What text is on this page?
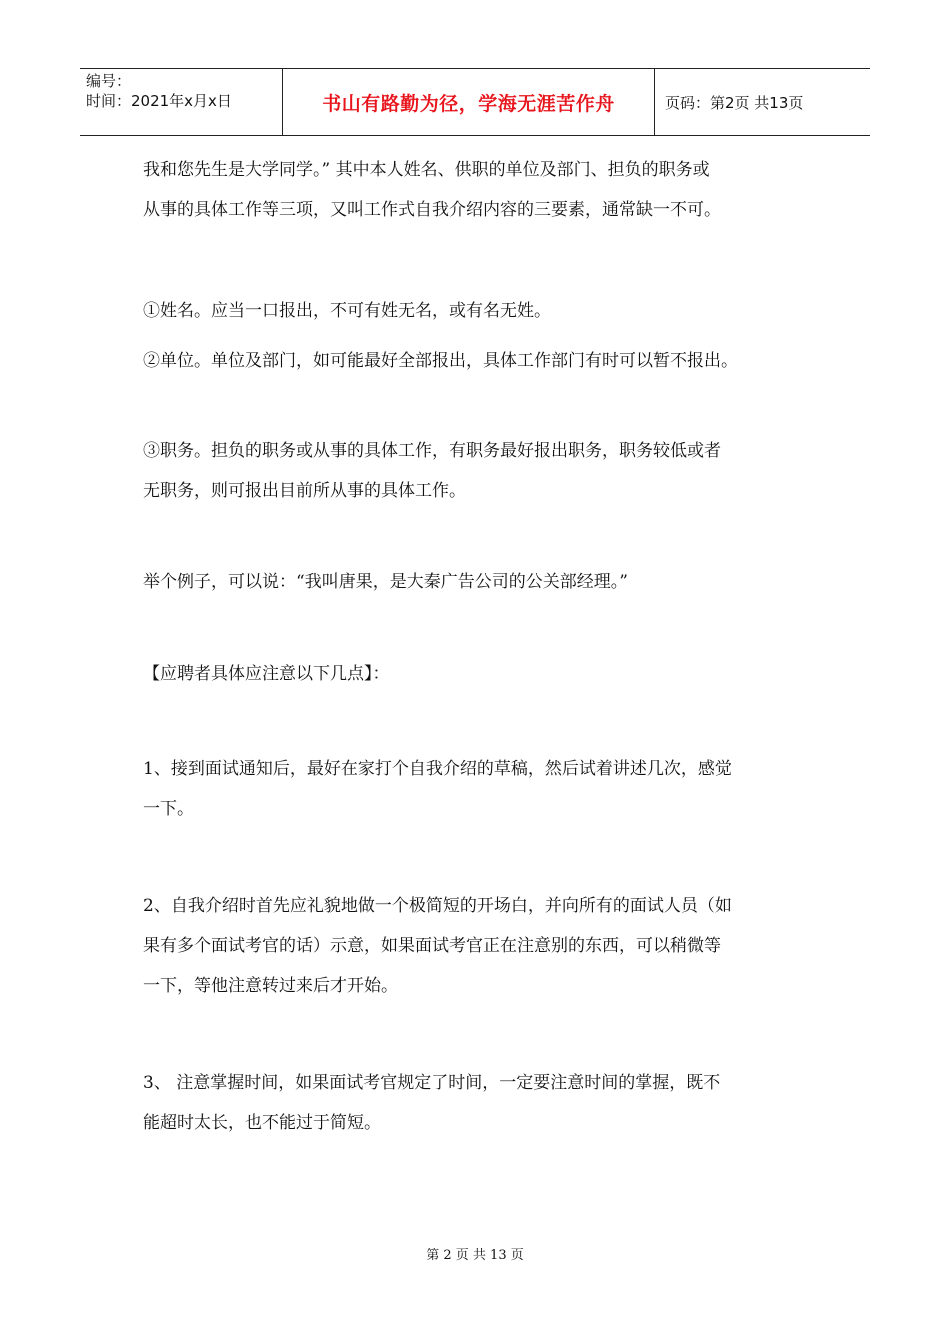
编号：
时间：2021年x月x日	书山有路勤为径，学海无涯苦作舟	页码：第2页 共13页

我和您先生是大学同学。” 其中本人姓名、供职的单位及部门、担负的职务或
从事的具体工作等三项，又叫工作式自我介绍内容的三要素，通常缺一不可。

①姓名。应当一口报出，不可有姓无名，或有名无姓。

②单位。单位及部门，如可能最好全部报出，具体工作部门有时可以暂不报出。

③职务。担负的职务或从事的具体工作，有职务最好报出职务，职务较低或者
无职务，则可报出目前所从事的具体工作。

举个例子，可以说：“我叫唐果，是大秦广告公司的公关部经理。”

【应聘者具体应注意以下几点】：

1、接到面试通知后，最好在家打个自我介绍的草稿，然后试着讲述几次，感觉
一下。

2、自我介绍时首先应礼貌地做一个极简短的开场白，并向所有的面试人员（如
果有多个面试考官的话）示意，如果面试考官正在注意别的东西，可以稍微等
一下，等他注意转过来后才开始。

3、 注意掌握时间，如果面试考官规定了时间，一定要注意时间的掌握，既不
能超时太长，也不能过于简短。

第 2 页 共 13 页
